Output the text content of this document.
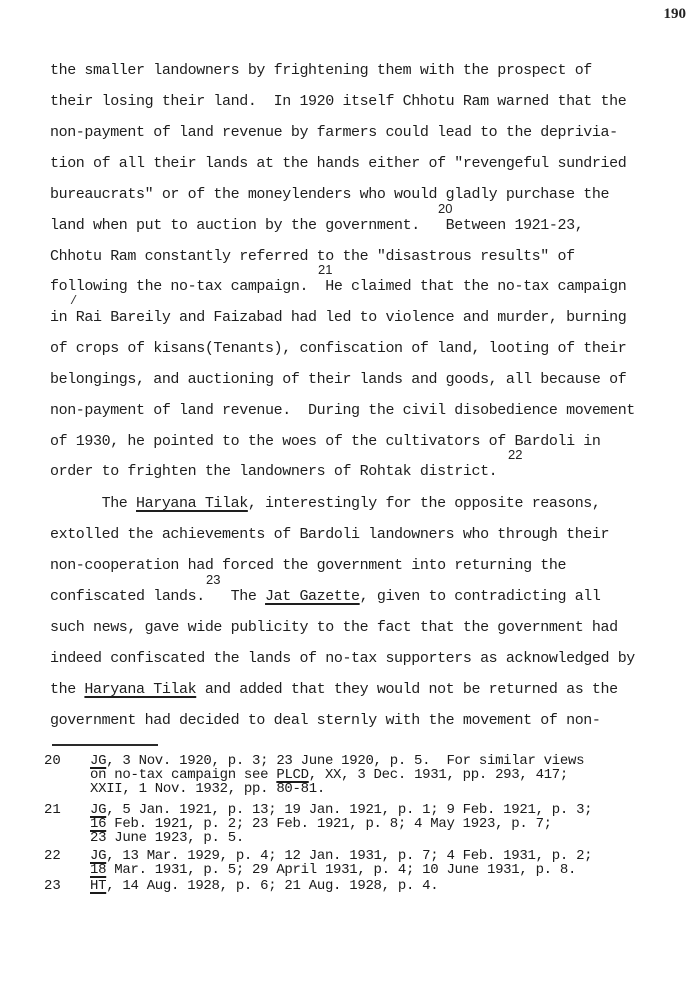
190
the smaller landowners by frightening them with the prospect of
their losing their land.  In 1920 itself Chhotu Ram warned that the
non-payment of land revenue by farmers could lead to the deprivia-
tion of all their lands at the hands either of "revengeful sundried
bureaucrats" or of the moneylenders who would gladly purchase the
20
land when put to auction by the government.   Between 1921-23,
Chhotu Ram constantly referred to the "disastrous results" of
21
following the no-tax campaign.  He claimed that the no-tax campaign
/
in Rai Bareily and Faizabad had led to violence and murder, burning
of crops of kisans(Tenants), confiscation of land, looting of their
belongings, and auctioning of their lands and goods, all because of
non-payment of land revenue.  During the civil disobedience movement
of 1930, he pointed to the woes of the cultivators of Bardoli in
22
order to frighten the landowners of Rohtak district.
The Haryana Tilak, interestingly for the opposite reasons,
extolled the achievements of Bardoli landowners who through their
non-cooperation had forced the government into returning the
23
confiscated lands.   The Jat Gazette, given to contradicting all
such news, gave wide publicity to the fact that the government had
indeed confiscated the lands of no-tax supporters as acknowledged by
the Haryana Tilak and added that they would not be returned as the
government had decided to deal sternly with the movement of non-
20 JG, 3 Nov. 1920, p. 3; 23 June 1920, p. 5.  For similar views
on no-tax campaign see PLCD, XX, 3 Dec. 1931, pp. 293, 417;
XXII, 1 Nov. 1932, pp. 80-81.
21 JG, 5 Jan. 1921, p. 13; 19 Jan. 1921, p. 1; 9 Feb. 1921, p. 3;
16 Feb. 1921, p. 2; 23 Feb. 1921, p. 8; 4 May 1923, p. 7;
23 June 1923, p. 5.
22 JG, 13 Mar. 1929, p. 4; 12 Jan. 1931, p. 7; 4 Feb. 1931, p. 2;
18 Mar. 1931, p. 5; 29 April 1931, p. 4; 10 June 1931, p. 8.
23 HT, 14 Aug. 1928, p. 6; 21 Aug. 1928, p. 4.
